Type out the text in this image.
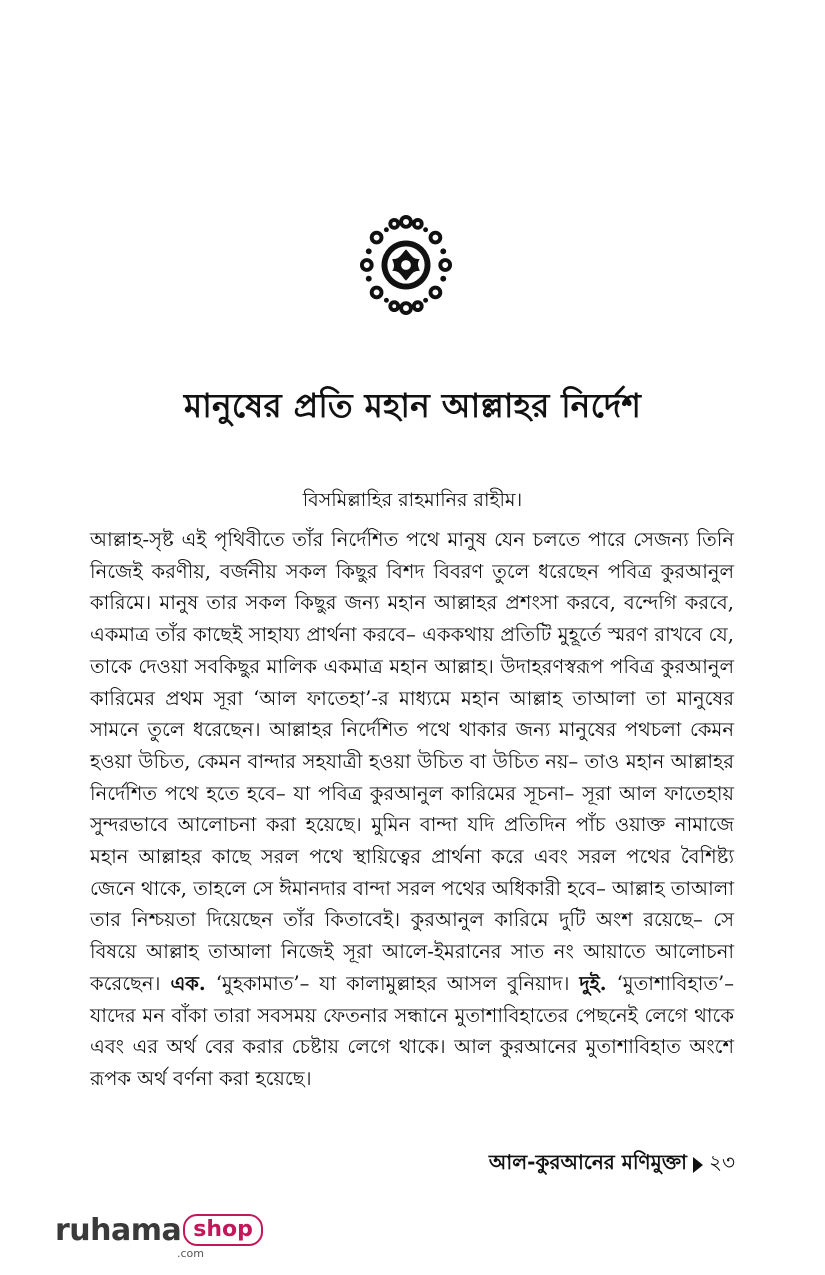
মানুষের প্রতি মহান আল্লাহর নির্দেশ
বিসমিল্লাহির রাহমানির রাহীম।

আল্লাহ-সৃষ্ট এই পৃথিবীতে তাঁর নির্দেশিত পথে মানুষ যেন চলতে পারে সেজন্য তিনি নিজেই করণীয়, বর্জনীয় সকল কিছুর বিশদ বিবরণ তুলে ধরেছেন পবিত্র কুরআনুল কারিমে। মানুষ তার সকল কিছুর জন্য মহান আল্লাহর প্রশংসা করবে, বন্দেগি করবে, একমাত্র তাঁর কাছেই সাহায্য প্রার্থনা করবে– এককথায় প্রতিটি মুহূর্তে স্মরণ রাখবে যে, তাকে দেওয়া সবকিছুর মালিক একমাত্র মহান আল্লাহ। উদাহরণস্বরূপ পবিত্র কুরআনুল কারিমের প্রথম সূরা ‘আল ফাতেহা’-র মাধ্যমে মহান আল্লাহ তাআলা তা মানুষের সামনে তুলে ধরেছেন। আল্লাহর নির্দেশিত পথে থাকার জন্য মানুষের পথচলা কেমন হওয়া উচিত, কেমন বান্দার সহযাত্রী হওয়া উচিত বা উচিত নয়– তাও মহান আল্লাহর নির্দেশিত পথে হতে হবে– যা পবিত্র কুরআনুল কারিমের সূচনা– সূরা আল ফাতেহায় সুন্দরভাবে আলোচনা করা হয়েছে। মুমিন বান্দা যদি প্রতিদিন পাঁচ ওয়াক্ত নামাজে মহান আল্লাহর কাছে সরল পথে স্থায়িত্বের প্রার্থনা করে এবং সরল পথের বৈশিষ্ট্য জেনে থাকে, তাহলে সে ঈমানদার বান্দা সরল পথের অধিকারী হবে– আল্লাহ তাআলা তার নিশ্চয়তা দিয়েছেন তাঁর কিতাবেই। কুরআনুল কারিমে দুটি অংশ রয়েছে– সে বিষয়ে আল্লাহ তাআলা নিজেই সূরা আলে-ইমরানের সাত নং আয়াতে আলোচনা করেছেন। এক. ‘মুহকামাত’– যা কালামুল্লাহর আসল বুনিয়াদ। দুই. ‘মুতাশাবিহাত’– যাদের মন বাঁকা তারা সবসময় ফেতনার সন্ধানে মুতাশাবিহাতের পেছনেই লেগে থাকে এবং এর অর্থ বের করার চেষ্টায় লেগে থাকে। আল কুরআনের মুতাশাবিহাত অংশে রূপক অর্থ বর্ণনা করা হয়েছে।

আল-কুরআনের মণিমুক্তা ২৩
ruhama shop
.com
